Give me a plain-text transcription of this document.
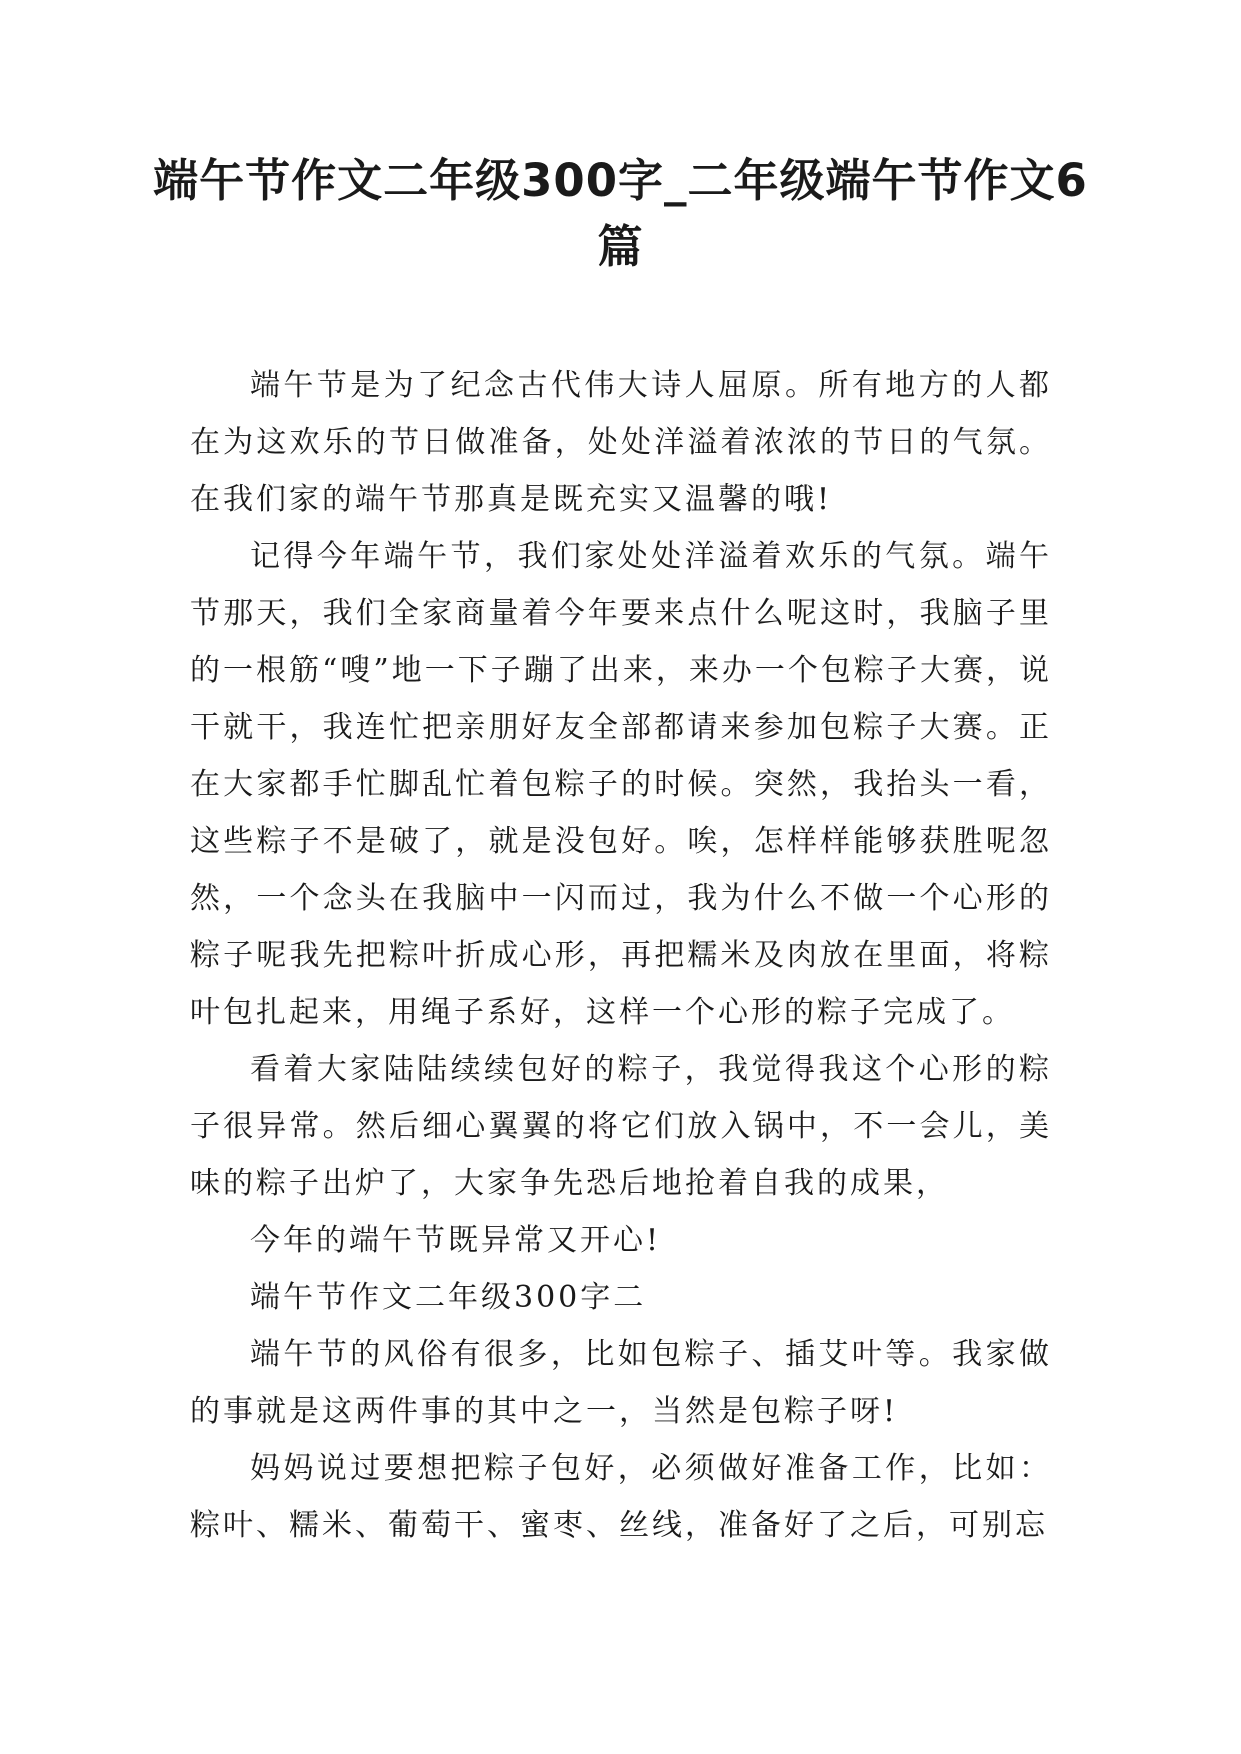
端午节作文二年级300字_二年级端午节作文6篇

端午节是为了纪念古代伟大诗人屈原。所有地方的人都在为这欢乐的节日做准备，处处洋溢着浓浓的节日的气氛。在我们家的端午节那真是既充实又温馨的哦!

记得今年端午节，我们家处处洋溢着欢乐的气氛。端午节那天，我们全家商量着今年要来点什么呢这时，我脑子里的一根筋“嗖”地一下子蹦了出来，来办一个包粽子大赛，说干就干，我连忙把亲朋好友全部都请来参加包粽子大赛。正在大家都手忙脚乱忙着包粽子的时候。突然，我抬头一看，这些粽子不是破了，就是没包好。唉，怎样样能够获胜呢忽然，一个念头在我脑中一闪而过，我为什么不做一个心形的粽子呢我先把粽叶折成心形，再把糯米及肉放在里面，将粽叶包扎起来，用绳子系好，这样一个心形的粽子完成了。

看着大家陆陆续续包好的粽子，我觉得我这个心形的粽子很异常。然后细心翼翼的将它们放入锅中，不一会儿，美味的粽子出炉了，大家争先恐后地抢着自我的成果，

今年的端午节既异常又开心!

端午节作文二年级300字二

端午节的风俗有很多，比如包粽子、插艾叶等。我家做的事就是这两件事的其中之一，当然是包粽子呀!

妈妈说过要想把粽子包好，必须做好准备工作，比如：粽叶、糯米、葡萄干、蜜枣、丝线，准备好了之后，可别忘
